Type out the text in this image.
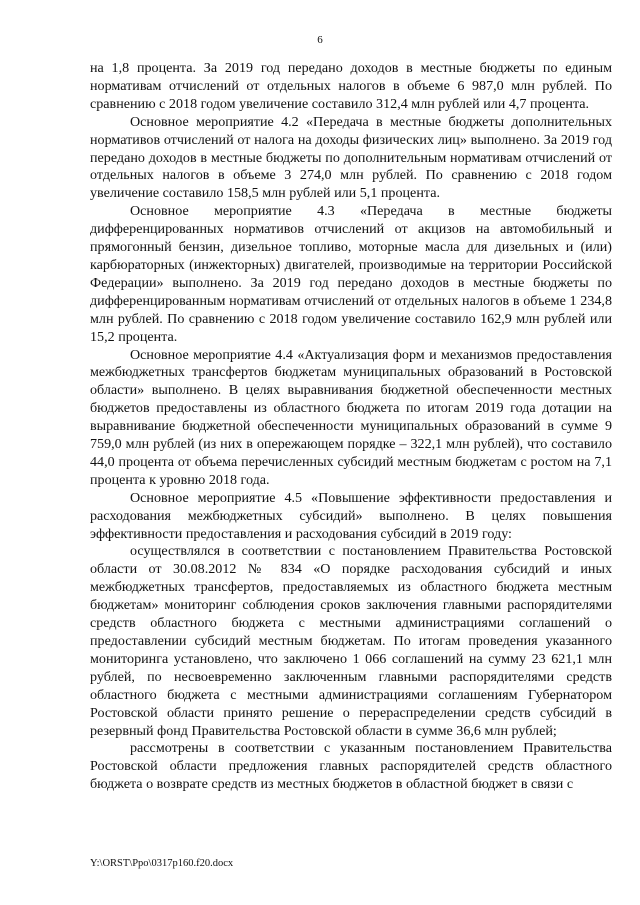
6

на 1,8 процента. За 2019 год передано доходов в местные бюджеты по единым нормативам отчислений от отдельных налогов в объеме 6 987,0 млн рублей. По сравнению с 2018 годом увеличение составило 312,4 млн рублей или 4,7 процента.

Основное мероприятие 4.2 «Передача в местные бюджеты дополнительных нормативов отчислений от налога на доходы физических лиц» выполнено. За 2019 год передано доходов в местные бюджеты по дополнительным нормативам отчислений от отдельных налогов в объеме 3 274,0 млн рублей. По сравнению с 2018 годом увеличение составило 158,5 млн рублей или 5,1 процента.

Основное мероприятие 4.3 «Передача в местные бюджеты дифференцированных нормативов отчислений от акцизов на автомобильный и прямогонный бензин, дизельное топливо, моторные масла для дизельных и (или) карбюраторных (инжекторных) двигателей, производимые на территории Российской Федерации» выполнено. За 2019 год передано доходов в местные бюджеты по дифференцированным нормативам отчислений от отдельных налогов в объеме 1 234,8 млн рублей. По сравнению с 2018 годом увеличение составило 162,9 млн рублей или 15,2 процента.

Основное мероприятие 4.4 «Актуализация форм и механизмов предоставления межбюджетных трансфертов бюджетам муниципальных образований в Ростовской области» выполнено. В целях выравнивания бюджетной обеспеченности местных бюджетов предоставлены из областного бюджета по итогам 2019 года дотации на выравнивание бюджетной обеспеченности муниципальных образований в сумме 9 759,0 млн рублей (из них в опережающем порядке – 322,1 млн рублей), что составило 44,0 процента от объема перечисленных субсидий местным бюджетам с ростом на 7,1 процента к уровню 2018 года.

Основное мероприятие 4.5 «Повышение эффективности предоставления и расходования межбюджетных субсидий» выполнено. В целях повышения эффективности предоставления и расходования субсидий в 2019 году:

осуществлялся в соответствии с постановлением Правительства Ростовской области от 30.08.2012 № 834 «О порядке расходования субсидий и иных межбюджетных трансфертов, предоставляемых из областного бюджета местным бюджетам» мониторинг соблюдения сроков заключения главными распорядителями средств областного бюджета с местными администрациями соглашений о предоставлении субсидий местным бюджетам. По итогам проведения указанного мониторинга установлено, что заключено 1 066 соглашений на сумму 23 621,1 млн рублей, по несвоевременно заключенным главными распорядителями средств областного бюджета с местными администрациями соглашениям Губернатором Ростовской области принято решение о перераспределении средств субсидий в резервный фонд Правительства Ростовской области в сумме 36,6 млн рублей;

рассмотрены в соответствии с указанным постановлением Правительства Ростовской области предложения главных распорядителей средств областного бюджета о возврате средств из местных бюджетов в областной бюджет в связи с

Y:\ORST\Ppo\0317p160.f20.docx
